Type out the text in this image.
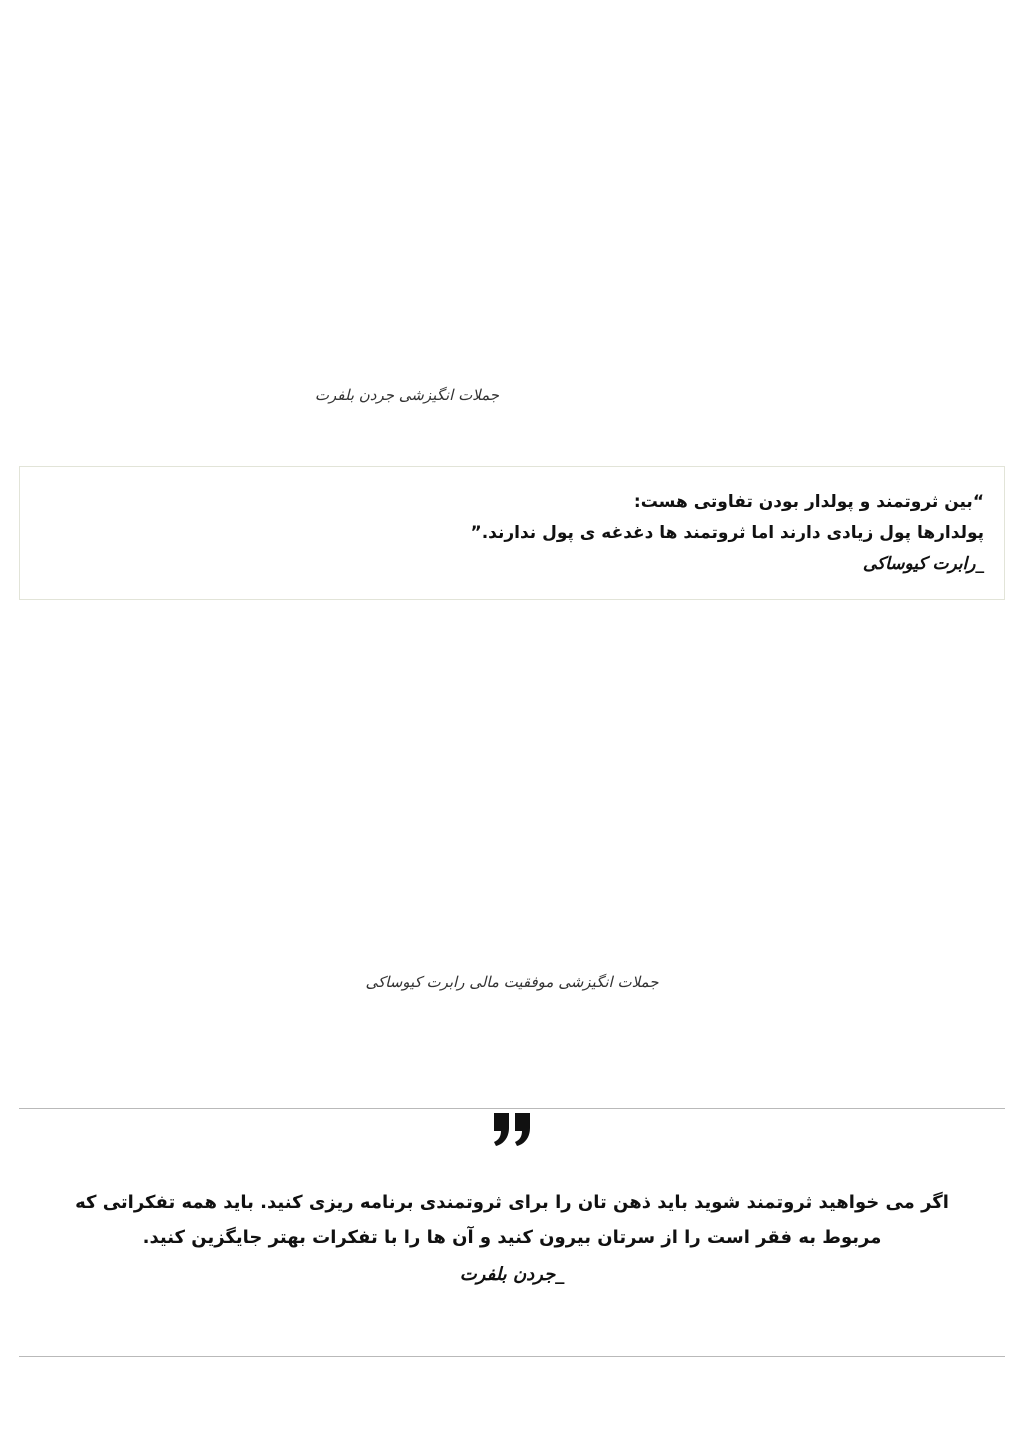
جملات انگیزشی جردن بلفرت

“بین ثروتمند و پولدار بودن تفاوتی هست:

پولدارها پول زیادی دارند اما ثروتمند ها دغدغه ی پول ندارند.”

_رابرت کیوساکی

جملات انگیزشی موفقیت مالی رابرت کیوساکی

اگر می خواهید ثروتمند شوید باید ذهن تان را برای ثروتمندی برنامه ریزی کنید. باید همه تفکراتی که مربوط به فقر است را از سرتان بیرون کنید و آن ها را با تفکرات بهتر جایگزین کنید.

_جردن بلفرت
